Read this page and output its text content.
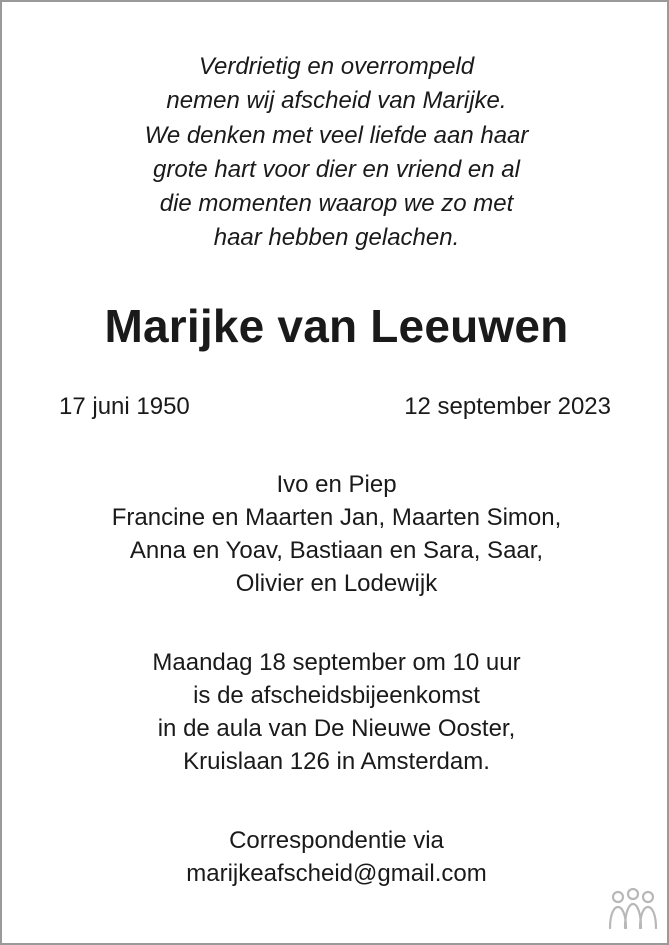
Verdrietig en overrompeld
nemen wij afscheid van Marijke.
We denken met veel liefde aan haar
grote hart voor dier en vriend en al
die momenten waarop we zo met
haar hebben gelachen.
Marijke van Leeuwen
17 juni 1950	12 september 2023
Ivo en Piep
Francine en Maarten Jan, Maarten Simon,
Anna en Yoav, Bastiaan en Sara, Saar,
Olivier en Lodewijk
Maandag 18 september om 10 uur
is de afscheidsbijeenkomst
in de aula van De Nieuwe Ooster,
Kruislaan 126 in Amsterdam.
Correspondentie via
marijkeafscheid@gmail.com
